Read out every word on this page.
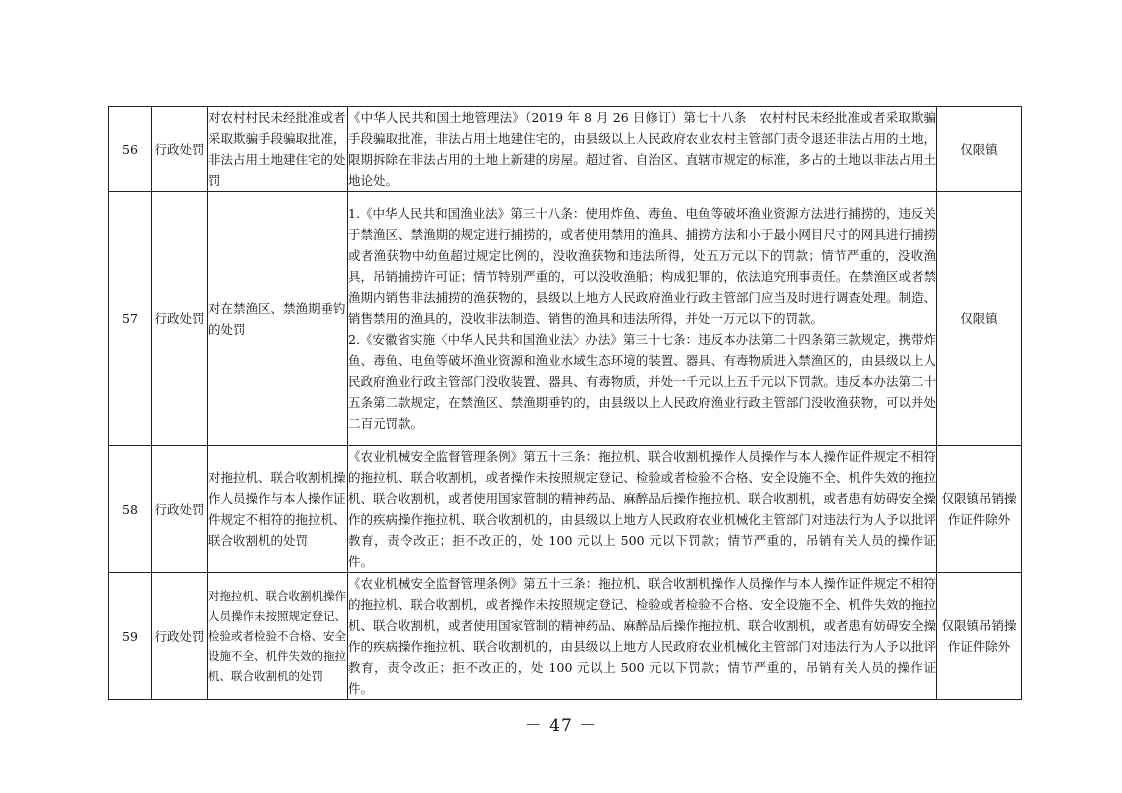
56	行政处罚	对农村村民未经批准或者采取欺骗手段骗取批准，非法占用土地建住宅的处罚	《中华人民共和国土地管理法》（2019 年 8 月 26 日修订）第七十八条　农村村民未经批准或者采取欺骗手段骗取批准，非法占用土地建住宅的，由县级以上人民政府农业农村主管部门责令退还非法占用的土地，限期拆除在非法占用的土地上新建的房屋。超过省、自治区、直辖市规定的标准，多占的土地以非法占用土地论处。	仅限镇
57	行政处罚	对在禁渔区、禁渔期垂钓的处罚	1.《中华人民共和国渔业法》第三十八条：使用炸鱼、毒鱼、电鱼等破坏渔业资源方法进行捕捞的，违反关于禁渔区、禁渔期的规定进行捕捞的，或者使用禁用的渔具、捕捞方法和小于最小网目尺寸的网具进行捕捞或者渔获物中幼鱼超过规定比例的，没收渔获物和违法所得，处五万元以下的罚款；情节严重的，没收渔具，吊销捕捞许可证；情节特别严重的，可以没收渔船；构成犯罪的，依法追究刑事责任。在禁渔区或者禁渔期内销售非法捕捞的渔获物的，县级以上地方人民政府渔业行政主管部门应当及时进行调查处理。制造、销售禁用的渔具的，没收非法制造、销售的渔具和违法所得，并处一万元以下的罚款。

2.《安徽省实施〈中华人民共和国渔业法〉办法》第三十七条：违反本办法第二十四条第三款规定，携带炸鱼、毒鱼、电鱼等破坏渔业资源和渔业水域生态环境的装置、器具、有毒物质进入禁渔区的，由县级以上人民政府渔业行政主管部门没收装置、器具、有毒物质，并处一千元以上五千元以下罚款。违反本办法第二十五条第二款规定，在禁渔区、禁渔期垂钓的，由县级以上人民政府渔业行政主管部门没收渔获物，可以并处二百元罚款。	仅限镇
58	行政处罚	对拖拉机、联合收割机操作人员操作与本人操作证件规定不相符的拖拉机、联合收割机的处罚	《农业机械安全监督管理条例》第五十三条：拖拉机、联合收割机操作人员操作与本人操作证件规定不相符的拖拉机、联合收割机，或者操作未按照规定登记、检验或者检验不合格、安全设施不全、机件失效的拖拉机、联合收割机，或者使用国家管制的精神药品、麻醉品后操作拖拉机、联合收割机，或者患有妨碍安全操作的疾病操作拖拉机、联合收割机的，由县级以上地方人民政府农业机械化主管部门对违法行为人予以批评教育，责令改正；拒不改正的，处 100 元以上 500 元以下罚款；情节严重的，吊销有关人员的操作证件。	仅限镇吊销操作证件除外
59	行政处罚	对拖拉机、联合收割机操作人员操作未按照规定登记、检验或者检验不合格、安全设施不全、机件失效的拖拉机、联合收割机的处罚	《农业机械安全监督管理条例》第五十三条：拖拉机、联合收割机操作人员操作与本人操作证件规定不相符的拖拉机、联合收割机，或者操作未按照规定登记、检验或者检验不合格、安全设施不全、机件失效的拖拉机、联合收割机，或者使用国家管制的精神药品、麻醉品后操作拖拉机、联合收割机，或者患有妨碍安全操作的疾病操作拖拉机、联合收割机的，由县级以上地方人民政府农业机械化主管部门对违法行为人予以批评教育，责令改正；拒不改正的，处 100 元以上 500 元以下罚款；情节严重的，吊销有关人员的操作证件。	仅限镇吊销操作证件除外
－ 47 －
